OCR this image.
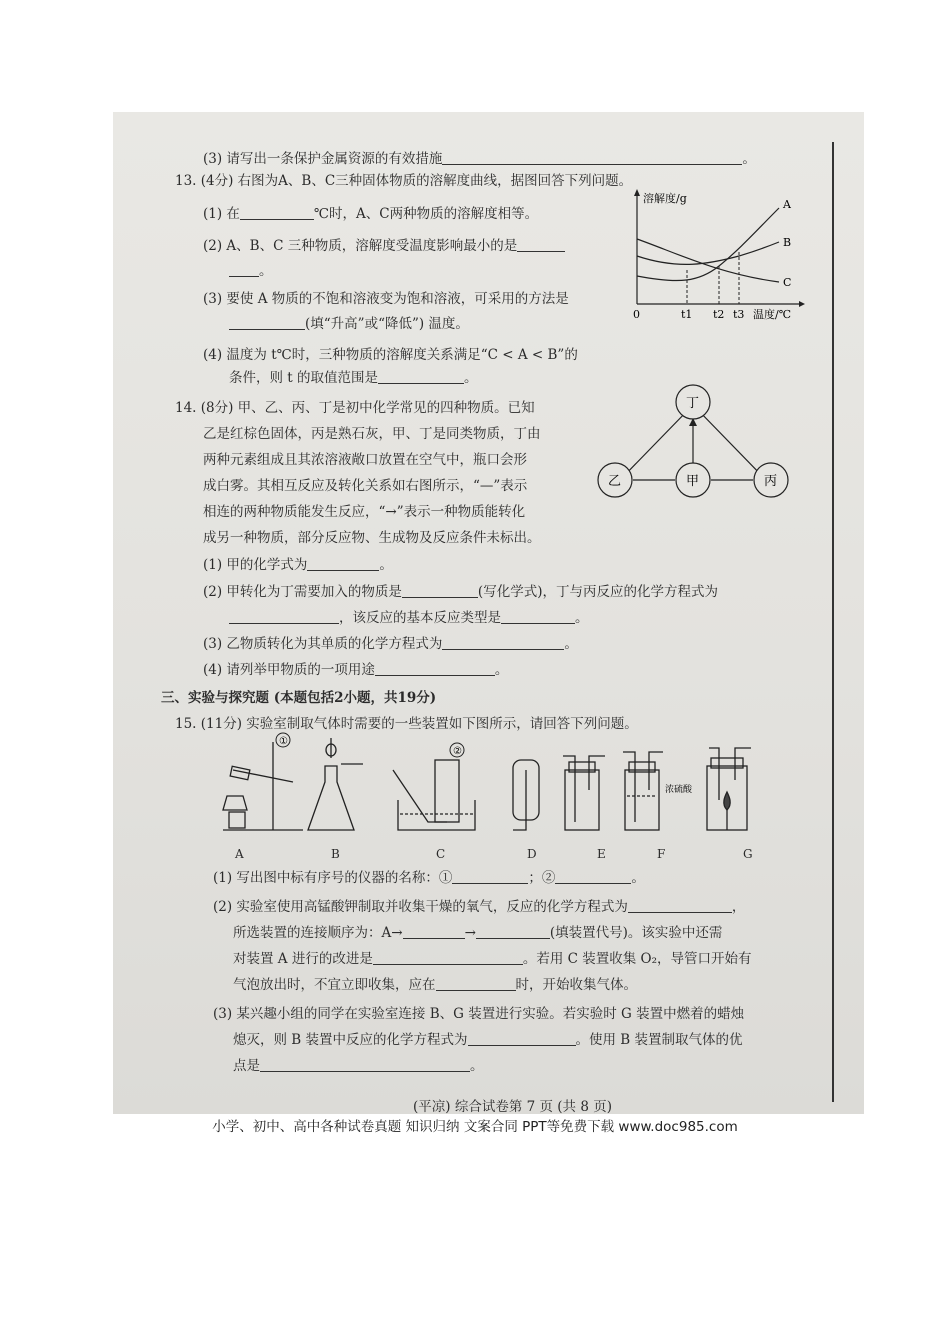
(3) 请写出一条保护金属资源的有效措施	。
13. (4分) 右图为A、B、C三种固体物质的溶解度曲线，据图回答下列问题。
(1) 在	℃时，A、C两种物质的溶解度相等。
(2) A、B、C 三种物质，溶解度受温度影响最小的是
。
(3) 要使 A 物质的不饱和溶液变为饱和溶液，可采用的方法是
(填“升高”或“降低”) 温度。
(4) 温度为 t℃时，三种物质的溶解度关系满足“C < A < B”的
条件，则 t 的取值范围是	。
溶解度/g	A
B
C
0	t1 t2 t3 温度/℃
14. (8分) 甲、乙、丙、丁是初中化学常见的四种物质。已知
乙是红棕色固体，丙是熟石灰，甲、丁是同类物质，丁由
两种元素组成且其浓溶液敞口放置在空气中，瓶口会形
成白雾。其相互反应及转化关系如右图所示，“—”表示
相连的两种物质能发生反应，“→”表示一种物质能转化
成另一种物质，部分反应物、生成物及反应条件未标出。
(1) 甲的化学式为	。
(2) 甲转化为丁需要加入的物质是	(写化学式)，丁与丙反应的化学方程式为
，该反应的基本反应类型是	。
(3) 乙物质转化为其单质的化学方程式为	。
(4) 请列举甲物质的一项用途	。
丁
乙	甲	丙
三、实验与探究题 (本题包括2小题，共19分)
15. (11分) 实验室制取气体时需要的一些装置如下图所示，请回答下列问题。
①
②
浓硫酸
A	B	C	D	E	F	G
(1) 写出图中标有序号的仪器的名称：①	；②	。
(2) 实验室使用高锰酸钾制取并收集干燥的氧气，反应的化学方程式为	，
所选装置的连接顺序为：A→	→	(填装置代号)。该实验中还需
对装置 A 进行的改进是	。若用 C 装置收集 O₂，导管口开始有
气泡放出时，不宜立即收集，应在	时，开始收集气体。
(3) 某兴趣小组的同学在实验室连接 B、G 装置进行实验。若实验时 G 装置中燃着的蜡烛
熄灭，则 B 装置中反应的化学方程式为	。使用 B 装置制取气体的优
点是	。
(平凉) 综合试卷第 7 页 (共 8 页)
小学、初中、高中各种试卷真题 知识归纳 文案合同 PPT等免费下载 www.doc985.com
